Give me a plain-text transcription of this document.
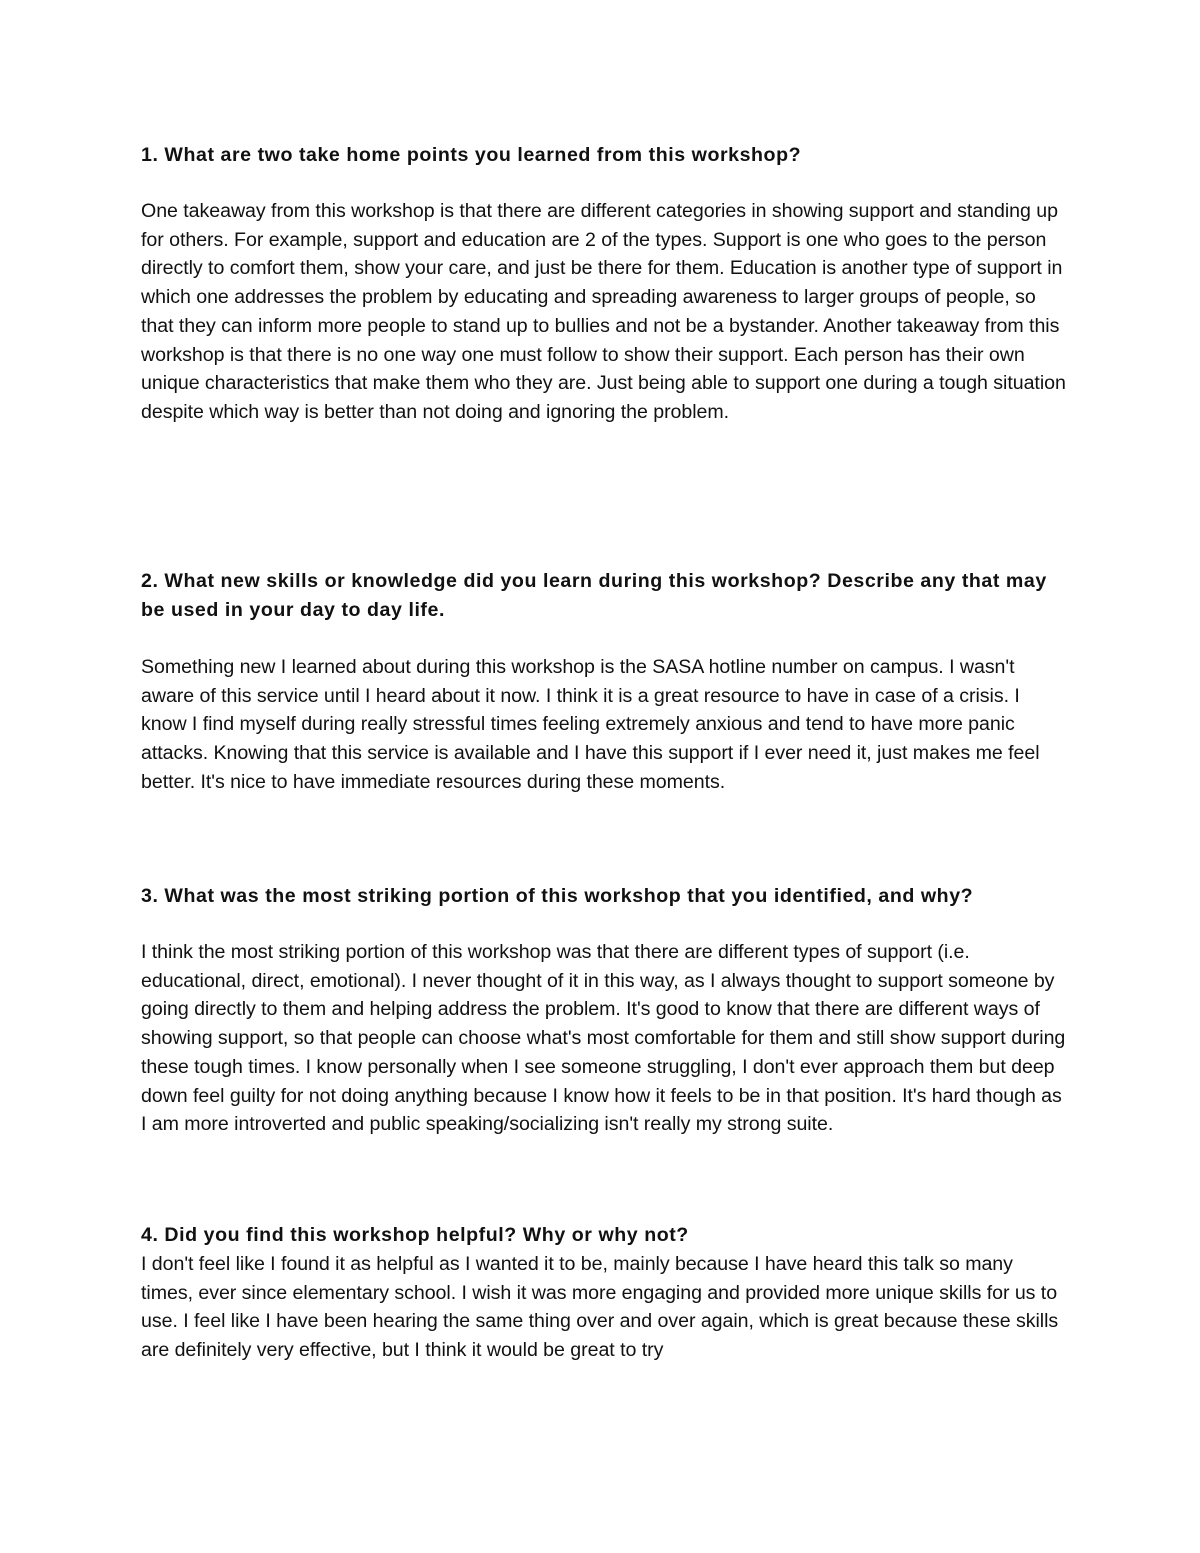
1. What are two take home points you learned from this workshop?

One takeaway from this workshop is that there are different categories in showing support and standing up for others. For example, support and education are 2 of the types. Support is one who goes to the person directly to comfort them, show your care, and just be there for them. Education is another type of support in which one addresses the problem by educating and spreading awareness to larger groups of people, so that they can inform more people to stand up to bullies and not be a bystander. Another takeaway from this workshop is that there is no one way one must follow to show their support. Each person has their own unique characteristics that make them who they are. Just being able to support one during a tough situation despite which way is better than not doing and ignoring the problem.

2. What new skills or knowledge did you learn during this workshop? Describe any that may be used in your day to day life.

Something new I learned about during this workshop is the SASA hotline number on campus. I wasn't aware of this service until I heard about it now. I think it is a great resource to have in case of a crisis. I know I find myself during really stressful times feeling extremely anxious and tend to have more panic attacks. Knowing that this service is available and I have this support if I ever need it, just makes me feel better. It's nice to have immediate resources during these moments.

3. What was the most striking portion of this workshop that you identified, and why?

I think the most striking portion of this workshop was that there are different types of support (i.e. educational, direct, emotional). I never thought of it in this way, as I always thought to support someone by going directly to them and helping address the problem. It's good to know that there are different ways of showing support, so that people can choose what's most comfortable for them and still show support during these tough times. I know personally when I see someone struggling, I don't ever approach them but deep down feel guilty for not doing anything because I know how it feels to be in that position. It's hard though as I am more introverted and public speaking/socializing isn't really my strong suite.

4. Did you find this workshop helpful? Why or why not?

I don't feel like I found it as helpful as I wanted it to be, mainly because I have heard this talk so many times, ever since elementary school. I wish it was more engaging and provided more unique skills for us to use. I feel like I have been hearing the same thing over and over again, which is great because these skills are definitely very effective, but I think it would be great to try
